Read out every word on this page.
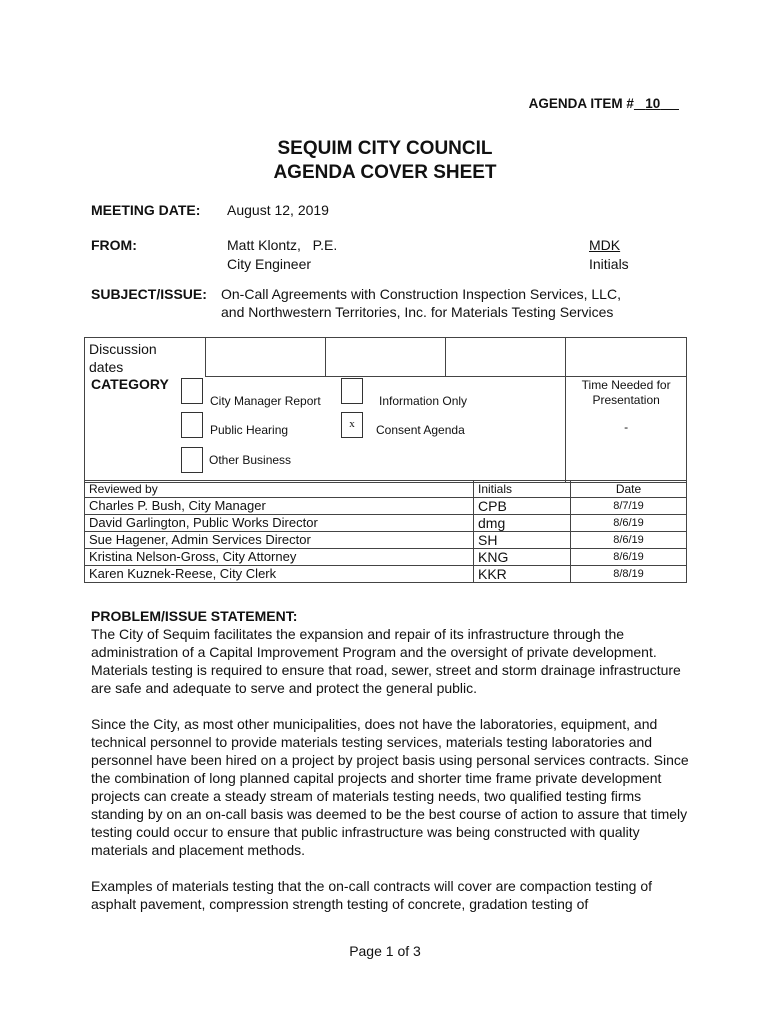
AGENDA ITEM # 10
SEQUIM CITY COUNCIL
AGENDA COVER SHEET
MEETING DATE: August 12, 2019
FROM:	Matt Klontz,   P.E.
City Engineer
MDK
Initials
SUBJECT/ISSUE: On-Call Agreements with Construction Inspection Services, LLC,
and Northwestern Territories, Inc. for Materials Testing Services
Discussion
dates				

				Time Needed for
Presentation
-
CATEGORY
City Manager Report	Information Only
Public Hearing	x	Consent Agenda
Other Business
Reviewed by	Initials	Date
Charles P. Bush, City Manager	CPB	8/7/19
David Garlington, Public Works Director	dmg	8/6/19
Sue Hagener, Admin Services Director	SH	8/6/19
Kristina Nelson-Gross, City Attorney	KNG	8/6/19
Karen Kuznek-Reese, City Clerk	KKR	8/8/19
PROBLEM/ISSUE STATEMENT:

The City of Sequim facilitates the expansion and repair of its infrastructure through the administration of a Capital Improvement Program and the oversight of private development. Materials testing is required to ensure that road, sewer, street and storm drainage infrastructure are safe and adequate to serve and protect the general public.

Since the City, as most other municipalities, does not have the laboratories, equipment, and technical personnel to provide materials testing services, materials testing laboratories and personnel have been hired on a project by project basis using personal services contracts. Since the combination of long planned capital projects and shorter time frame private development projects can create a steady stream of materials testing needs, two qualified testing firms standing by on an on-call basis was deemed to be the best course of action to assure that timely testing could occur to ensure that public infrastructure was being constructed with quality materials and placement methods.

Examples of materials testing that the on-call contracts will cover are compaction testing of asphalt pavement, compression strength testing of concrete, gradation testing of

Page 1 of 3
